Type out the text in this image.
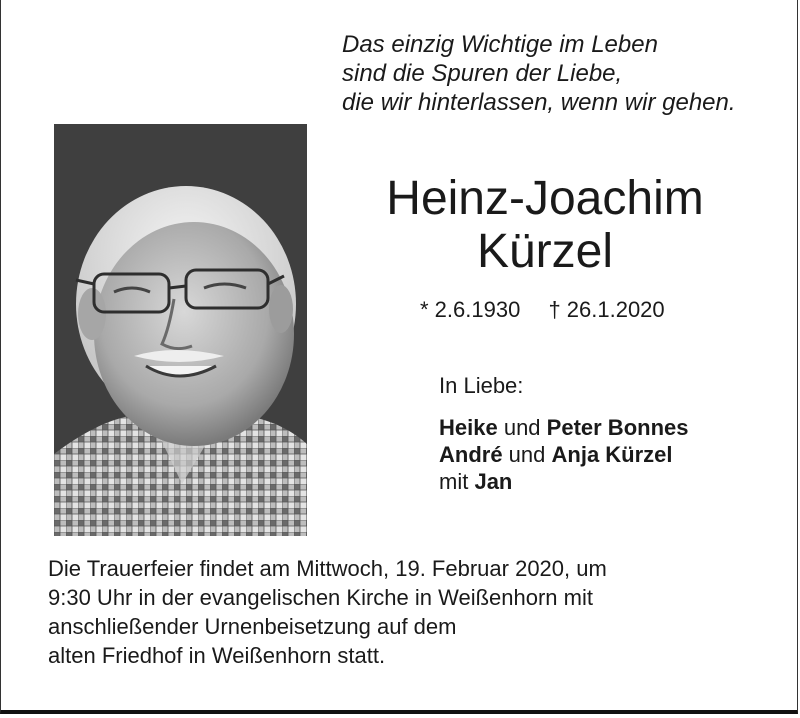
Das einzig Wichtige im Leben
sind die Spuren der Liebe,
die wir hinterlassen, wenn wir gehen.
Heinz-Joachim
Kürzel
* 2.6.1930 † 26.1.2020
In Liebe:
Heike und Peter Bonnes
André und Anja Kürzel
mit Jan
Die Trauerfeier findet am Mittwoch, 19. Februar 2020, um
9:30 Uhr in der evangelischen Kirche in Weißenhorn mit
anschließender Urnenbeisetzung auf dem
alten Friedhof in Weißenhorn statt.
